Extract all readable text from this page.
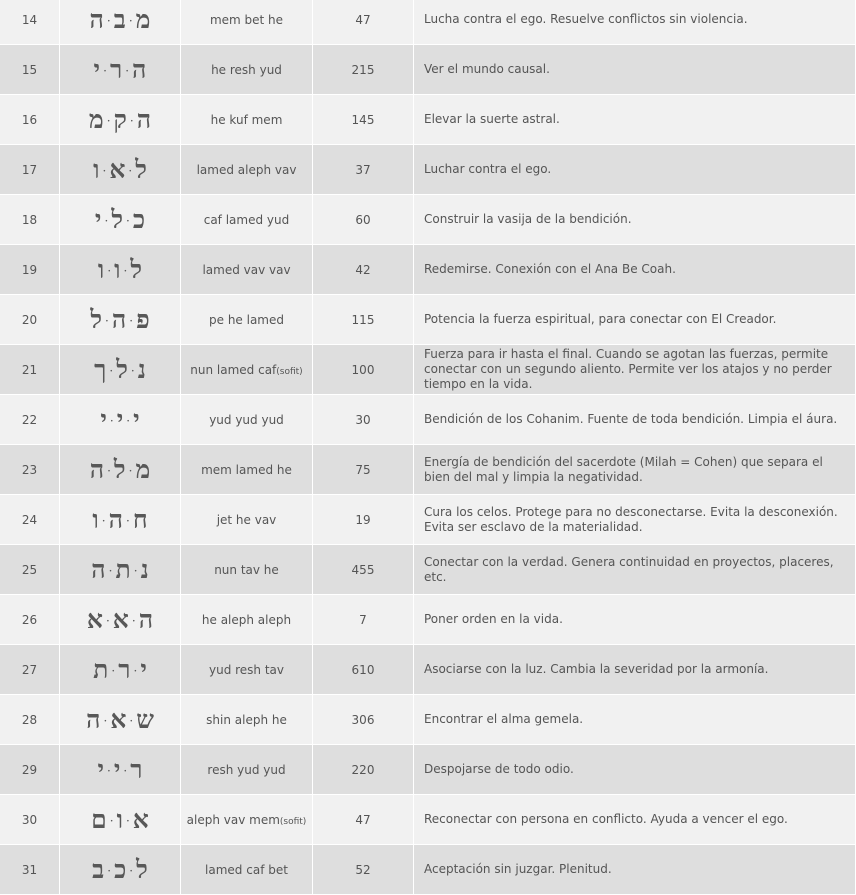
14	מ·ב·ה	mem bet he	47	Lucha contra el ego. Resuelve conflictos sin violencia.
15	ה·ר·י	he resh yud	215	Ver el mundo causal.
16	ה·ק·מ	he kuf mem	145	Elevar la suerte astral.
17	ל·א·ו	lamed aleph vav	37	Luchar contra el ego.
18	כ·ל·י	caf lamed yud	60	Construir la vasija de la bendición.
19	ל·ו·ו	lamed vav vav	42	Redemirse. Conexión con el Ana Be Coah.
20	פ·ה·ל	pe he lamed	115	Potencia la fuerza espiritual, para conectar con El Creador.
21	נ·ל·ך	nun lamed caf(sofit)	100	Fuerza para ir hasta el final. Cuando se agotan las fuerzas, permite conectar con un segundo aliento. Permite ver los atajos y no perder tiempo en la vida.
22	י·י·י	yud yud yud	30	Bendición de los Cohanim. Fuente de toda bendición. Limpia el áura.
23	מ·ל·ה	mem lamed he	75	Energía de bendición del sacerdote (Milah = Cohen) que separa el bien del mal y limpia la negatividad.
24	ח·ה·ו	jet he vav	19	Cura los celos. Protege para no desconectarse. Evita la desconexión. Evita ser esclavo de la materialidad.
25	נ·ת·ה	nun tav he	455	Conectar con la verdad. Genera continuidad en proyectos, placeres, etc.
26	ה·א·א	he aleph aleph	7	Poner orden en la vida.
27	י·ר·ת	yud resh tav	610	Asociarse con la luz. Cambia la severidad por la armonía.
28	ש·א·ה	shin aleph he	306	Encontrar el alma gemela.
29	ר·י·י	resh yud yud	220	Despojarse de todo odio.
30	א·ו·ם	aleph vav mem(sofit)	47	Reconectar con persona en conflicto. Ayuda a vencer el ego.
31	ל·כ·ב	lamed caf bet	52	Aceptación sin juzgar. Plenitud.
